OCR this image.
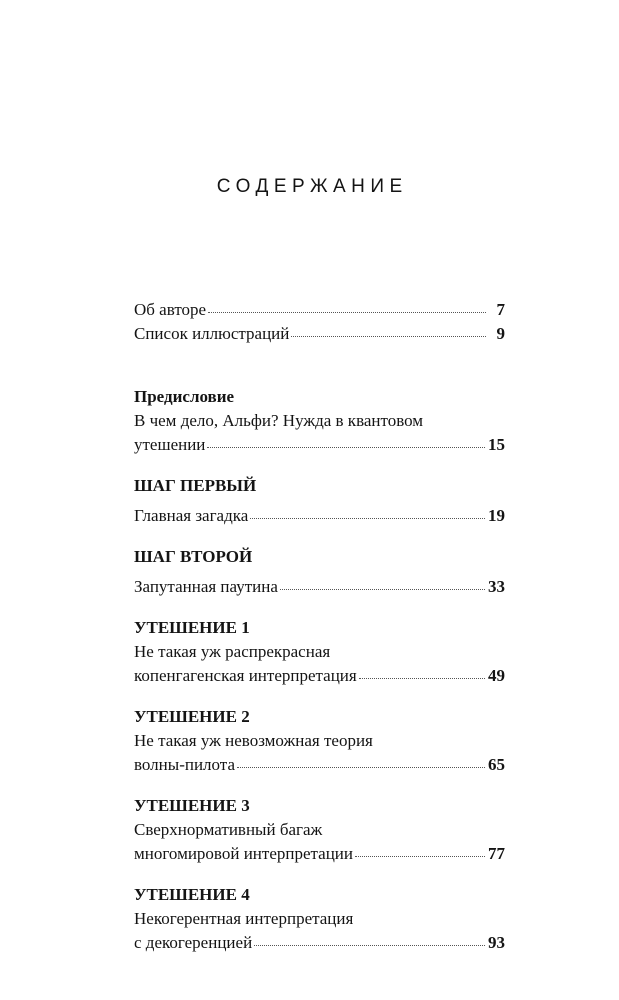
СОДЕРЖАНИЕ
Об авторе	7
Список иллюстраций	9
Предисловие
В чем дело, Альфи? Нужда в квантовом
утешении	15
ШАГ ПЕРВЫЙ
Главная загадка	19
ШАГ ВТОРОЙ
Запутанная паутина	33
УТЕШЕНИЕ 1
Не такая уж распрекрасная
копенгагенская интерпретация	49
УТЕШЕНИЕ 2
Не такая уж невозможная теория
волны-пилота	65
УТЕШЕНИЕ 3
Сверхнормативный багаж
многомировой интерпретации	77
УТЕШЕНИЕ 4
Некогерентная интерпретация
с декогеренцией	93
